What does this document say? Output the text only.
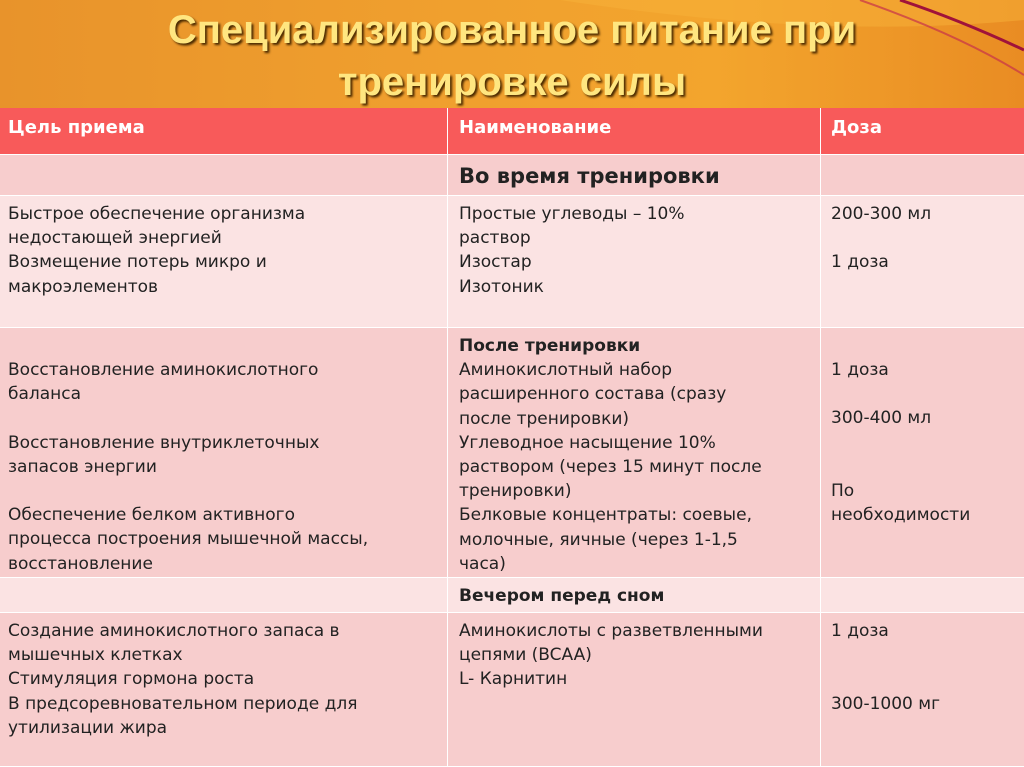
Специализированное питание при
тренировке силы
Цель приема	Наименование	Доза
Во время тренировки
Быстрое обеспечение организма
недостающей энергией
Возмещение потерь микро и
макроэлементов
Простые углеводы – 10%
раствор
Изостар
Изотоник
200-300 мл
1 доза
Восстановление аминокислотного
баланса
Восстановление внутриклеточных
запасов энергии
Обеспечение белком активного
процесса построения мышечной массы,
восстановление
После тренировки
Аминокислотный набор
расширенного состава (сразу
после тренировки)
Углеводное насыщение 10%
раствором (через 15 минут после
тренировки)
Белковые концентраты: соевые,
молочные, яичные (через 1-1,5
часа)
1 доза
300-400 мл
По
необходимости
Вечером перед сном
Создание аминокислотного запаса в
мышечных клетках
Стимуляция гормона роста
В предсоревновательном периоде для
утилизации жира
Аминокислоты с разветвленными
цепями (BCAA)
L- Карнитин
1 доза
300-1000 мг
